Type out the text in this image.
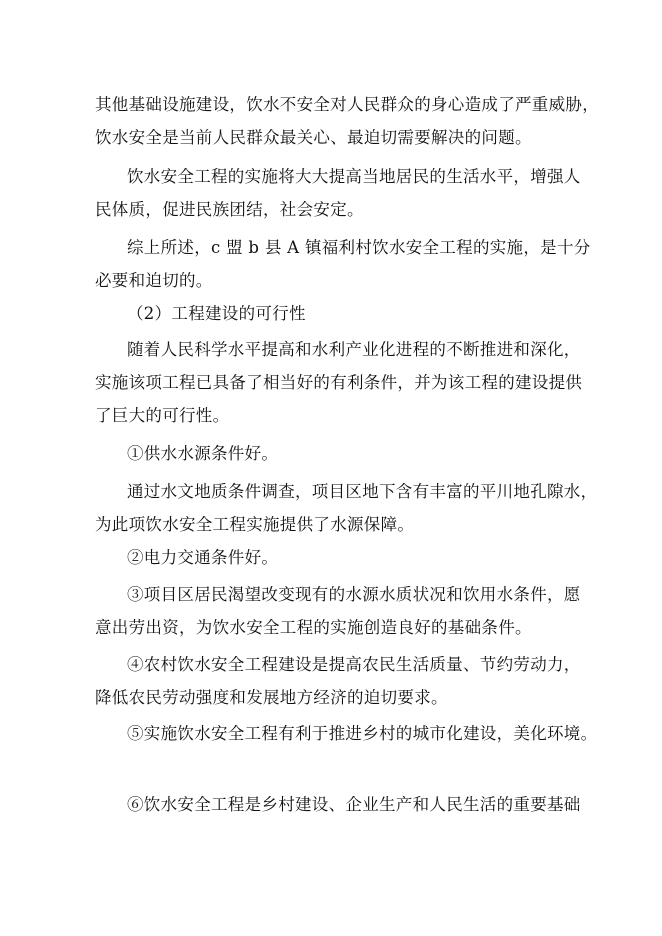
其他基础设施建设，饮水不安全对人民群众的身心造成了严重威胁，
饮水安全是当前人民群众最关心、最迫切需要解决的问题。
饮水安全工程的实施将大大提高当地居民的生活水平，增强人
民体质，促进民族团结，社会安定。
综上所述，c 盟 b 县 A 镇福利村饮水安全工程的实施，是十分
必要和迫切的。
（2）工程建设的可行性
随着人民科学水平提高和水利产业化进程的不断推进和深化，
实施该项工程已具备了相当好的有利条件，并为该工程的建设提供
了巨大的可行性。
①供水水源条件好。
通过水文地质条件调查，项目区地下含有丰富的平川地孔隙水，
为此项饮水安全工程实施提供了水源保障。
②电力交通条件好。
③项目区居民渴望改变现有的水源水质状况和饮用水条件，愿
意出劳出资，为饮水安全工程的实施创造良好的基础条件。
④农村饮水安全工程建设是提高农民生活质量、节约劳动力，
降低农民劳动强度和发展地方经济的迫切要求。
⑤实施饮水安全工程有利于推进乡村的城市化建设，美化环境。
⑥饮水安全工程是乡村建设、企业生产和人民生活的重要基础
